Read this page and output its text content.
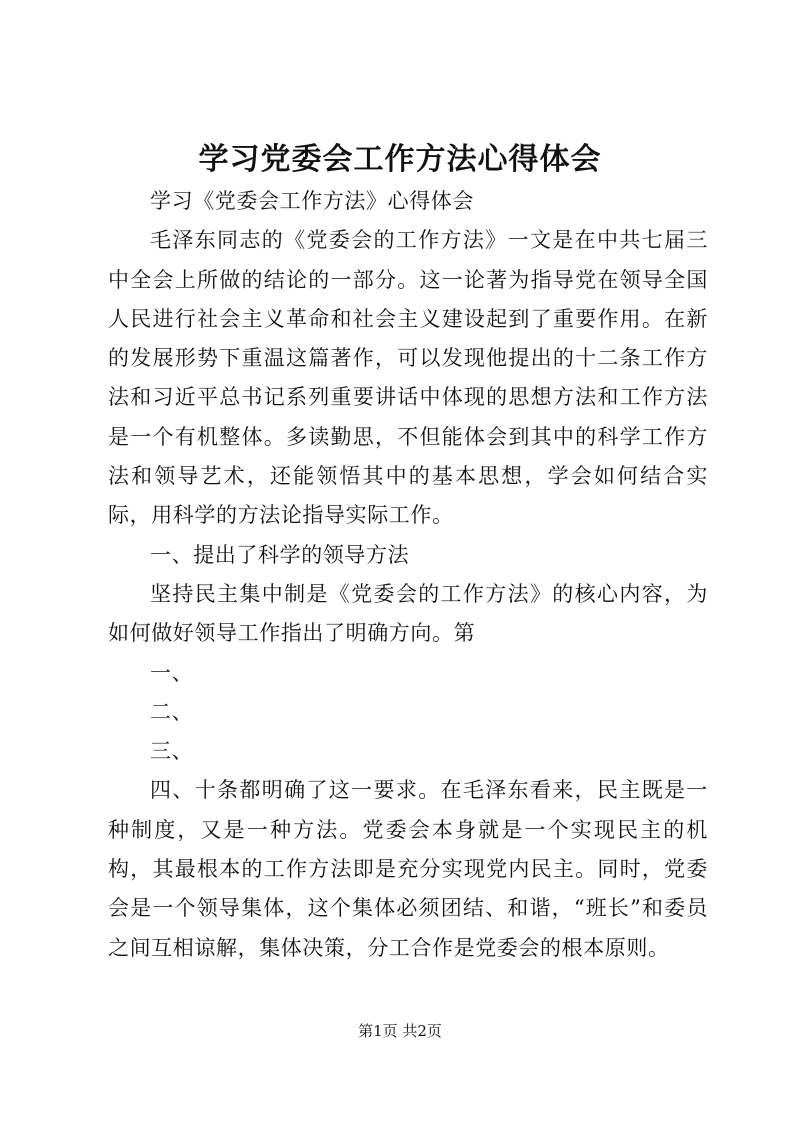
学习党委会工作方法心得体会

学习《党委会工作方法》心得体会

毛泽东同志的《党委会的工作方法》一文是在中共七届三中全会上所做的结论的一部分。这一论著为指导党在领导全国人民进行社会主义革命和社会主义建设起到了重要作用。在新的发展形势下重温这篇著作，可以发现他提出的十二条工作方法和习近平总书记系列重要讲话中体现的思想方法和工作方法是一个有机整体。多读勤思，不但能体会到其中的科学工作方法和领导艺术，还能领悟其中的基本思想，学会如何结合实际，用科学的方法论指导实际工作。

一、提出了科学的领导方法

坚持民主集中制是《党委会的工作方法》的核心内容，为如何做好领导工作指出了明确方向。第

一、

二、

三、

四、十条都明确了这一要求。在毛泽东看来，民主既是一种制度，又是一种方法。党委会本身就是一个实现民主的机构，其最根本的工作方法即是充分实现党内民主。同时，党委会是一个领导集体，这个集体必须团结、和谐，“班长”和委员之间互相谅解，集体决策，分工合作是党委会的根本原则。

第1页 共2页
